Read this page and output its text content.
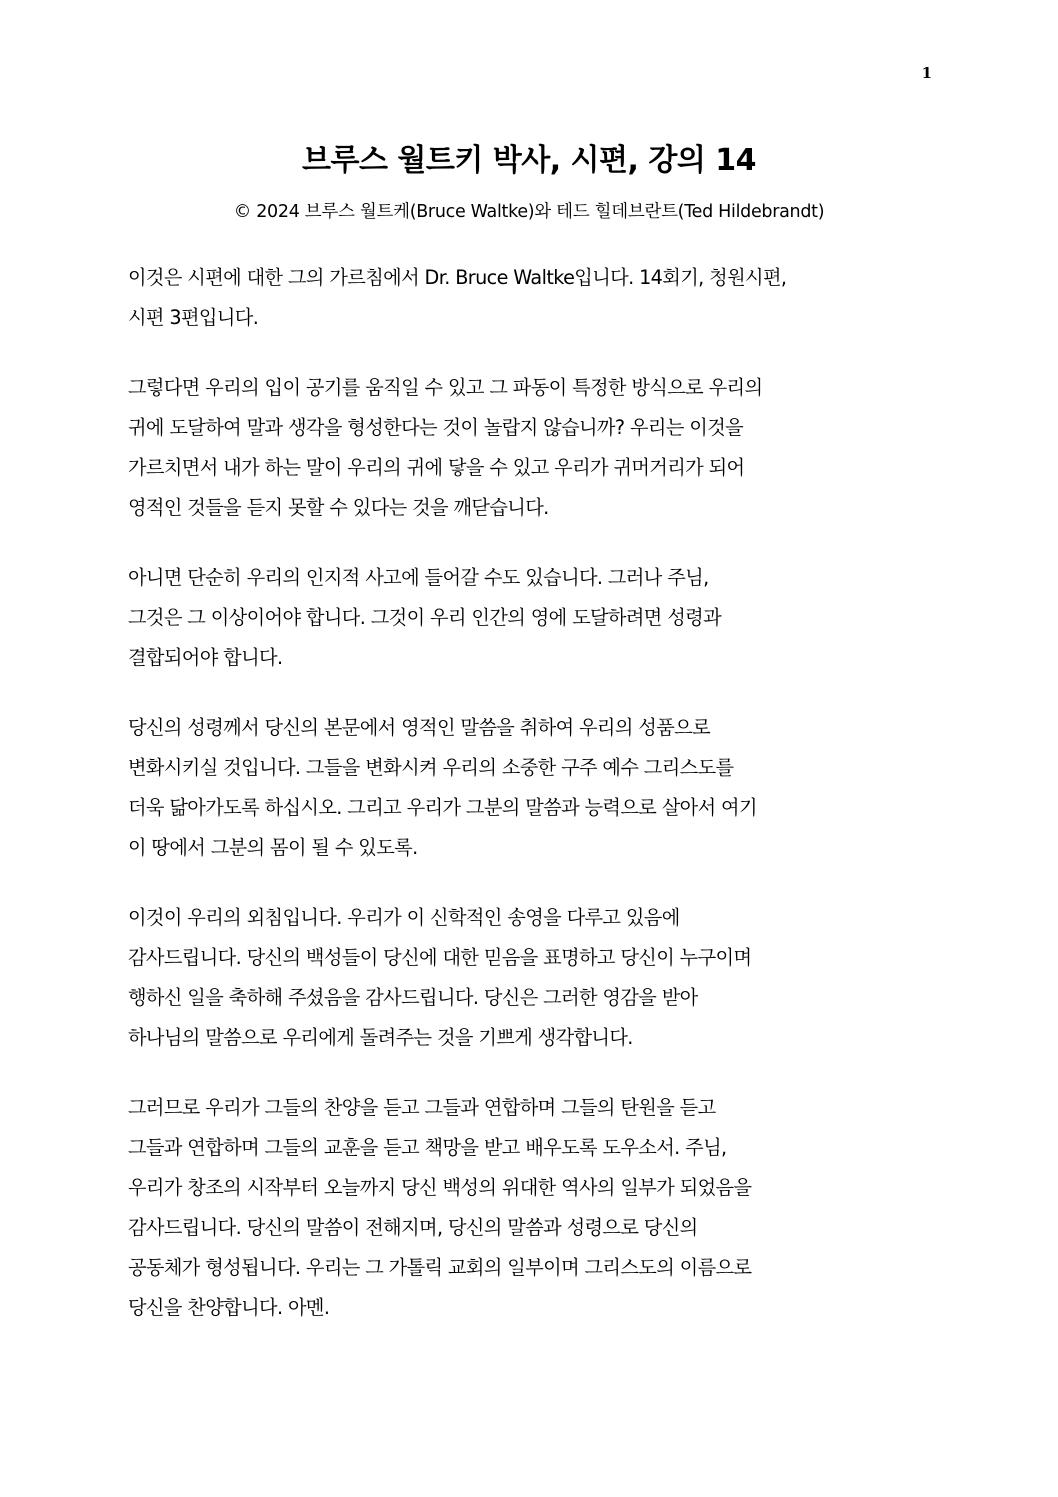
1
브루스 월트키 박사, 시편, 강의 14

© 2024 브루스 월트케(Bruce Waltke)와 테드 힐데브란트(Ted Hildebrandt)

이것은 시편에 대한 그의 가르침에서 Dr. Bruce Waltke입니다. 14회기, 청원시편,
시편 3편입니다.

그렇다면 우리의 입이 공기를 움직일 수 있고 그 파동이 특정한 방식으로 우리의
귀에 도달하여 말과 생각을 형성한다는 것이 놀랍지 않습니까? 우리는 이것을
가르치면서 내가 하는 말이 우리의 귀에 닿을 수 있고 우리가 귀머거리가 되어
영적인 것들을 듣지 못할 수 있다는 것을 깨닫습니다.

아니면 단순히 우리의 인지적 사고에 들어갈 수도 있습니다. 그러나 주님,
그것은 그 이상이어야 합니다. 그것이 우리 인간의 영에 도달하려면 성령과
결합되어야 합니다.

당신의 성령께서 당신의 본문에서 영적인 말씀을 취하여 우리의 성품으로
변화시키실 것입니다. 그들을 변화시켜 우리의 소중한 구주 예수 그리스도를
더욱 닮아가도록 하십시오. 그리고 우리가 그분의 말씀과 능력으로 살아서 여기
이 땅에서 그분의 몸이 될 수 있도록.

이것이 우리의 외침입니다. 우리가 이 신학적인 송영을 다루고 있음에
감사드립니다. 당신의 백성들이 당신에 대한 믿음을 표명하고 당신이 누구이며
행하신 일을 축하해 주셨음을 감사드립니다. 당신은 그러한 영감을 받아
하나님의 말씀으로 우리에게 돌려주는 것을 기쁘게 생각합니다.

그러므로 우리가 그들의 찬양을 듣고 그들과 연합하며 그들의 탄원을 듣고
그들과 연합하며 그들의 교훈을 듣고 책망을 받고 배우도록 도우소서. 주님,
우리가 창조의 시작부터 오늘까지 당신 백성의 위대한 역사의 일부가 되었음을
감사드립니다. 당신의 말씀이 전해지며, 당신의 말씀과 성령으로 당신의
공동체가 형성됩니다. 우리는 그 가톨릭 교회의 일부이며 그리스도의 이름으로
당신을 찬양합니다. 아멘.
